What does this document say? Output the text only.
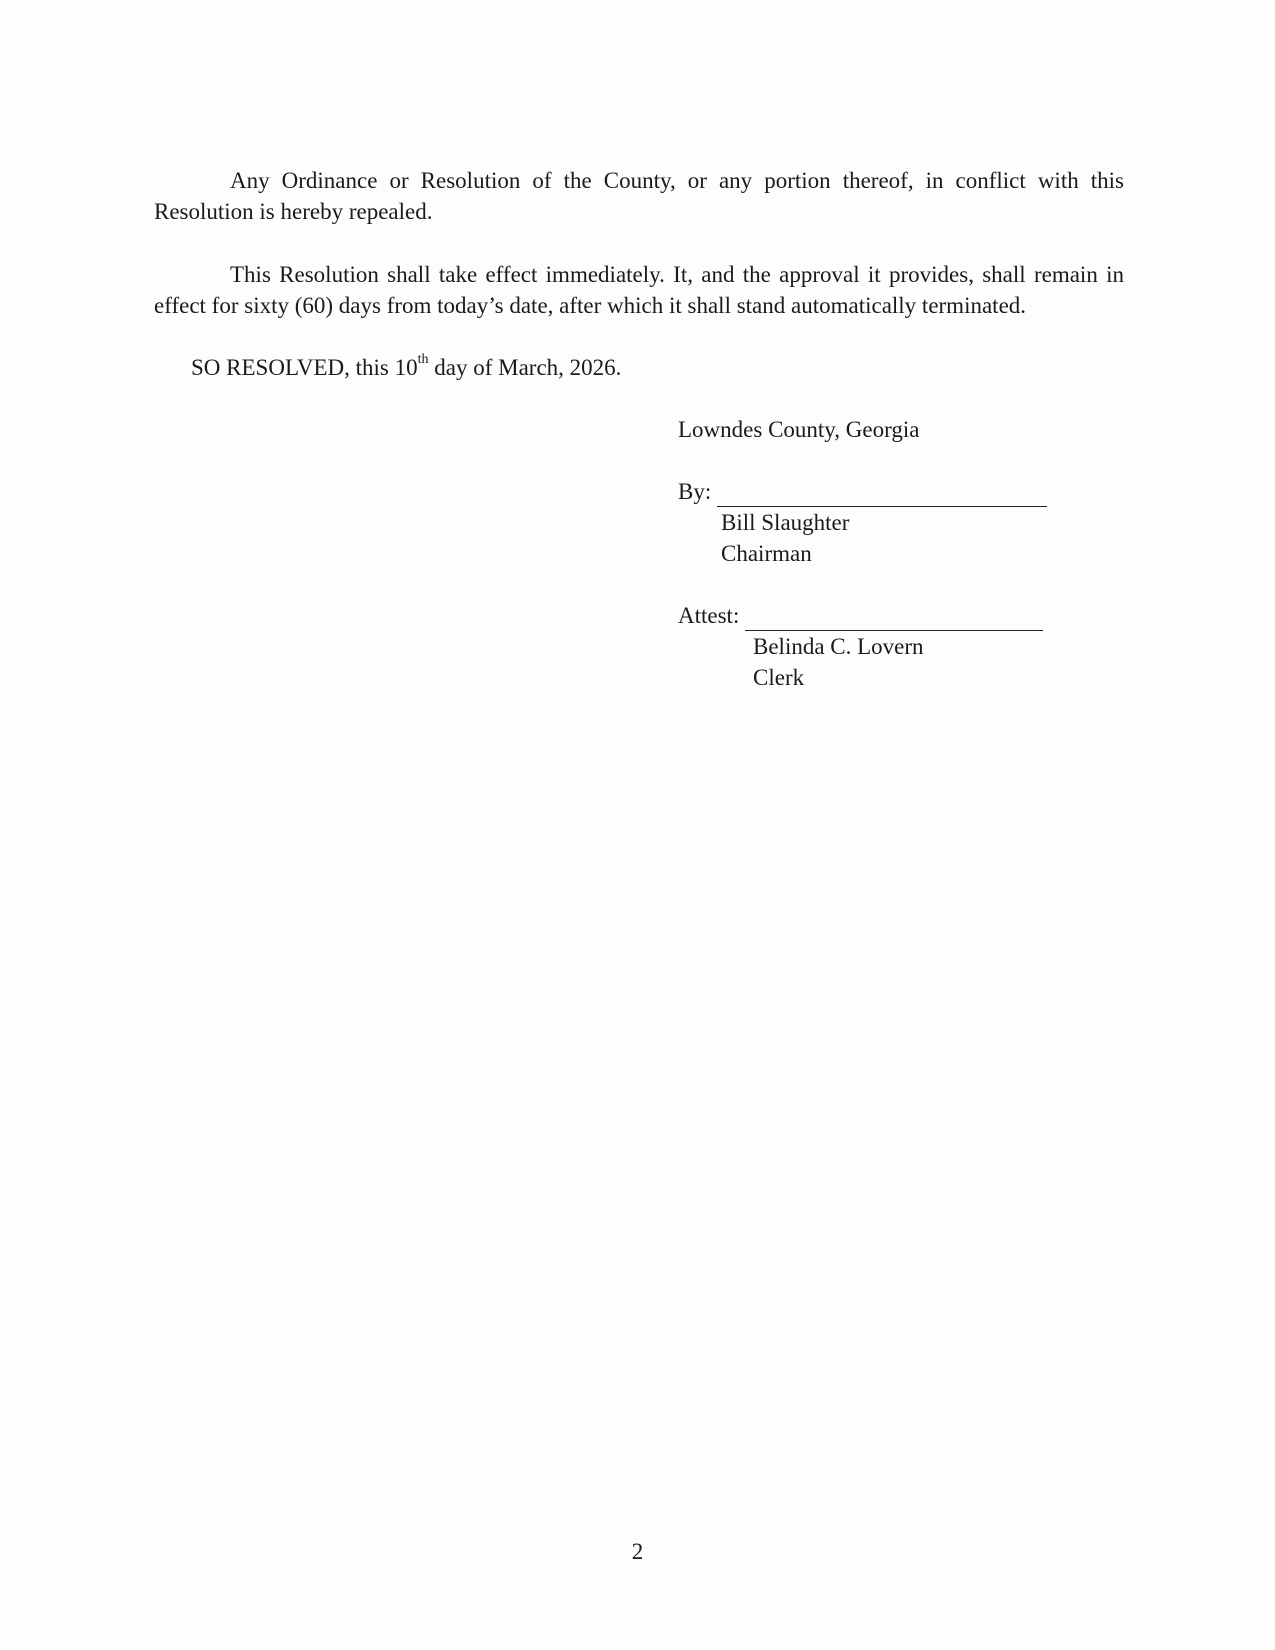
Any Ordinance or Resolution of the County, or any portion thereof, in conflict with this Resolution is hereby repealed.

This Resolution shall take effect immediately. It, and the approval it provides, shall remain in effect for sixty (60) days from today’s date, after which it shall stand automatically terminated.

SO RESOLVED, this 10th day of March, 2026.

Lowndes County, Georgia
By:
Bill Slaughter
Chairman
Attest:
Belinda C. Lovern
Clerk
2
